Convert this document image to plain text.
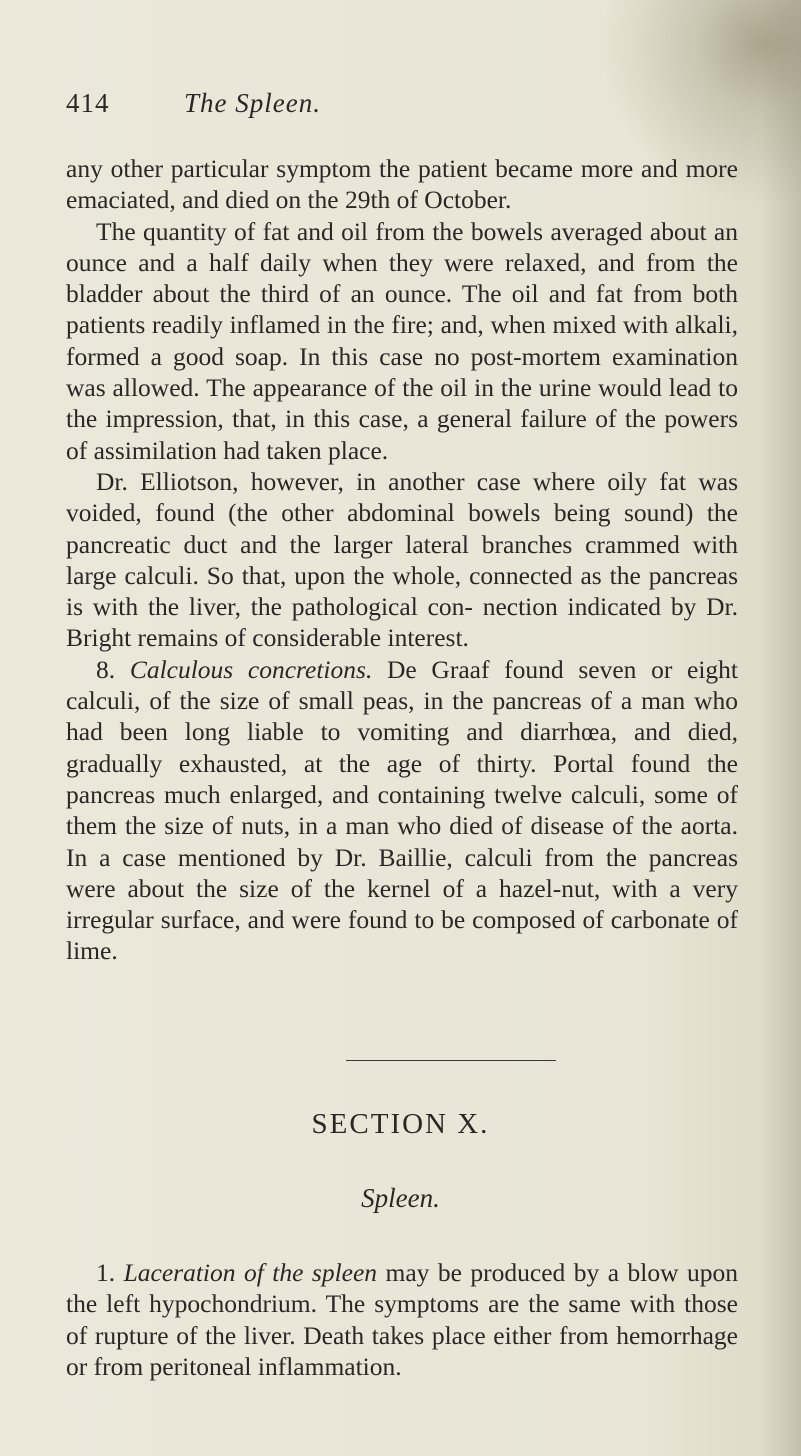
414	The Spleen.

any other particular symptom the patient became more and more emaciated, and died on the 29th of October.

The quantity of fat and oil from the bowels averaged about an ounce and a half daily when they were relaxed, and from the bladder about the third of an ounce. The oil and fat from both patients readily inflamed in the fire; and, when mixed with alkali, formed a good soap. In this case no post-mortem examination was allowed. The appearance of the oil in the urine would lead to the impression, that, in this case, a general failure of the powers of assimilation had taken place.

Dr. Elliotson, however, in another case where oily fat was voided, found (the other abdominal bowels being sound) the pancreatic duct and the larger lateral branches crammed with large calculi. So that, upon the whole, connected as the pancreas is with the liver, the pathological con- nection indicated by Dr. Bright remains of considerable interest.

8. Calculous concretions. De Graaf found seven or eight calculi, of the size of small peas, in the pancreas of a man who had been long liable to vomiting and diarrhœa, and died, gradually exhausted, at the age of thirty. Portal found the pancreas much enlarged, and containing twelve calculi, some of them the size of nuts, in a man who died of disease of the aorta. In a case mentioned by Dr. Baillie, calculi from the pancreas were about the size of the kernel of a hazel-nut, with a very irregular surface, and were found to be composed of carbonate of lime.

SECTION X.
Spleen.

1. Laceration of the spleen may be produced by a blow upon the left hypochondrium. The symptoms are the same with those of rupture of the liver. Death takes place either from hemorrhage or from peritoneal inflammation.
